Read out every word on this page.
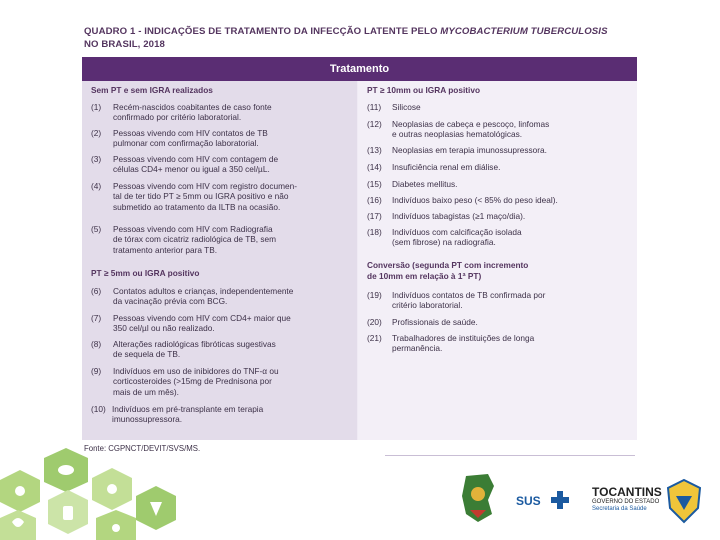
QUADRO 1 - INDICAÇÕES DE TRATAMENTO DA INFECÇÃO LATENTE PELO MYCOBACTERIUM TUBERCULOSIS
NO BRASIL, 2018
Tratamento
Sem PT e sem IGRA realizados
(1) Recém-nascidos coabitantes de caso fonte
confirmado por critério laboratorial.
(2) Pessoas vivendo com HIV contatos de TB
pulmonar com confirmação laboratorial.
(3) Pessoas vivendo com HIV com contagem de
células CD4+ menor ou igual a 350 cel/µL.
(4) Pessoas vivendo com HIV com registro documen-
tal de ter tido PT ≥ 5mm ou IGRA positivo e não
submetido ao tratamento da ILTB na ocasião.
(5) Pessoas vivendo com HIV com Radiografia
de tórax com cicatriz radiológica de TB, sem
tratamento anterior para TB.
PT ≥ 5mm ou IGRA positivo
(6) Contatos adultos e crianças, independentemente
da vacinação prévia com BCG.
(7) Pessoas vivendo com HIV com CD4+ maior que
350 cel/µl ou não realizado.
(8) Alterações radiológicas fibróticas sugestivas
de sequela de TB.
(9) Indivíduos em uso de inibidores do TNF-α ou
corticosteroides (>15mg de Prednisona por
mais de um mês).
(10) Indivíduos em pré-transplante em terapia
imunossupressora.
PT ≥ 10mm ou IGRA positivo
(11) Silicose
(12) Neoplasias de cabeça e pescoço, linfomas
e outras neoplasias hematológicas.
(13) Neoplasias em terapia imunossupressora.
(14) Insuficiência renal em diálise.
(15) Diabetes mellitus.
(16) Indivíduos baixo peso (< 85% do peso ideal).
(17) Indivíduos tabagistas (≥1 maço/dia).
(18) Indivíduos com calcificação isolada
(sem fibrose) na radiografia.
Conversão (segunda PT com incremento
de 10mm em relação à 1ª PT)
(19) Indivíduos contatos de TB confirmada por
critério laboratorial.
(20) Profissionais de saúde.
(21) Trabalhadores de instituições de longa
permanência.
Fonte: CGPNCT/DEVIT/SVS/MS.
SUS
TOCANTINS
GOVERNO DO ESTADO
Secretaria da Saúde
